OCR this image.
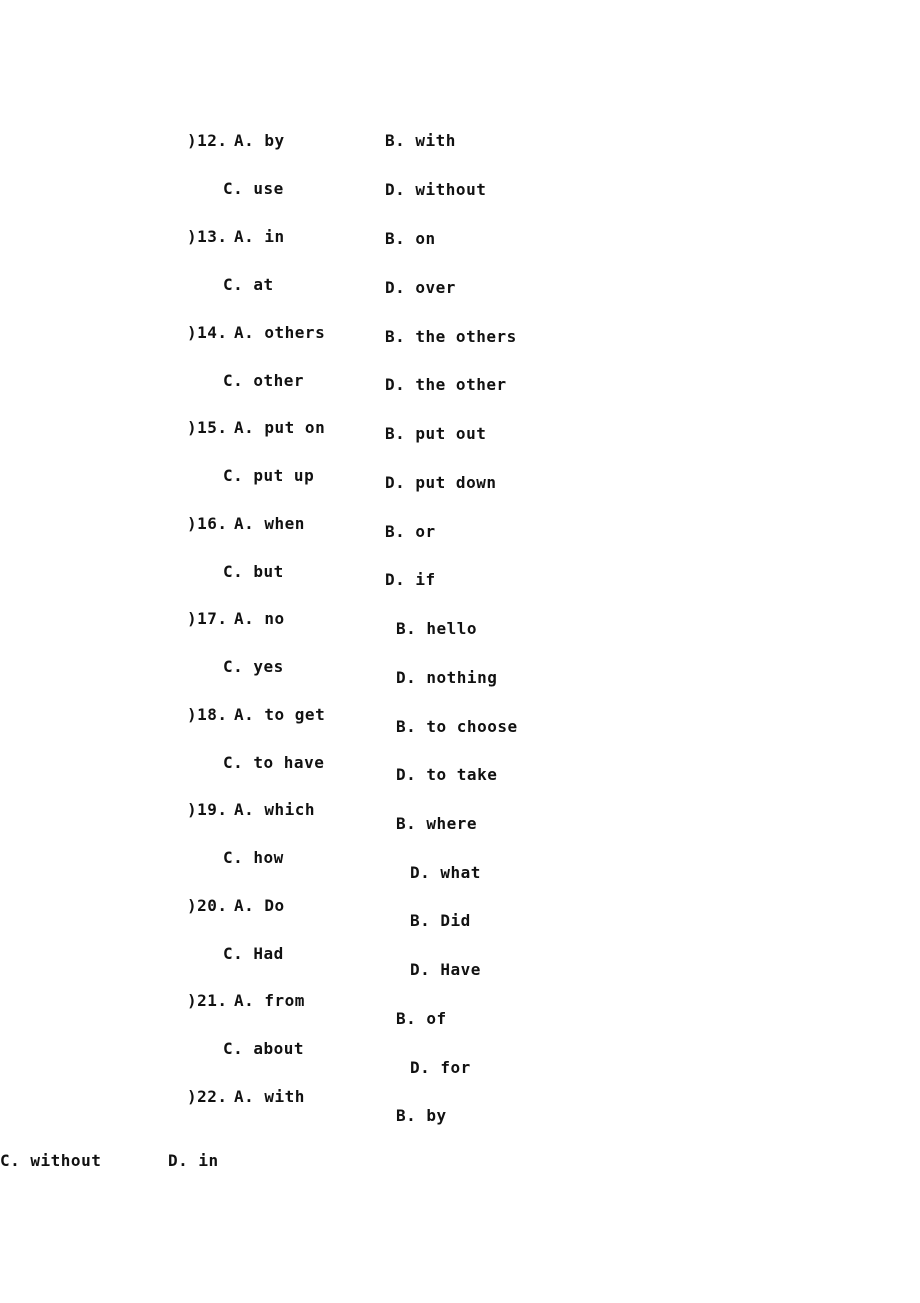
)12. A. by	B. with
C. use	D. without
)13. A. in	B. on
C. at	D. over
)14. A. others	B. the others
C. other	D. the other
)15. A. put on	B. put out
C. put up	D. put down
)16. A. when	B. or
C. but	D. if
)17. A. no
B. hello
C. yes
D. nothing
)18. A. to get
B. to choose
C. to have
D. to take
)19. A. which
B. where
C. how
D. what
)20. A. Do
B. Did
C. Had
D. Have
)21. A. from
B. of
C. about
D. for
)22. A. with
B. by
C. without	D. in
